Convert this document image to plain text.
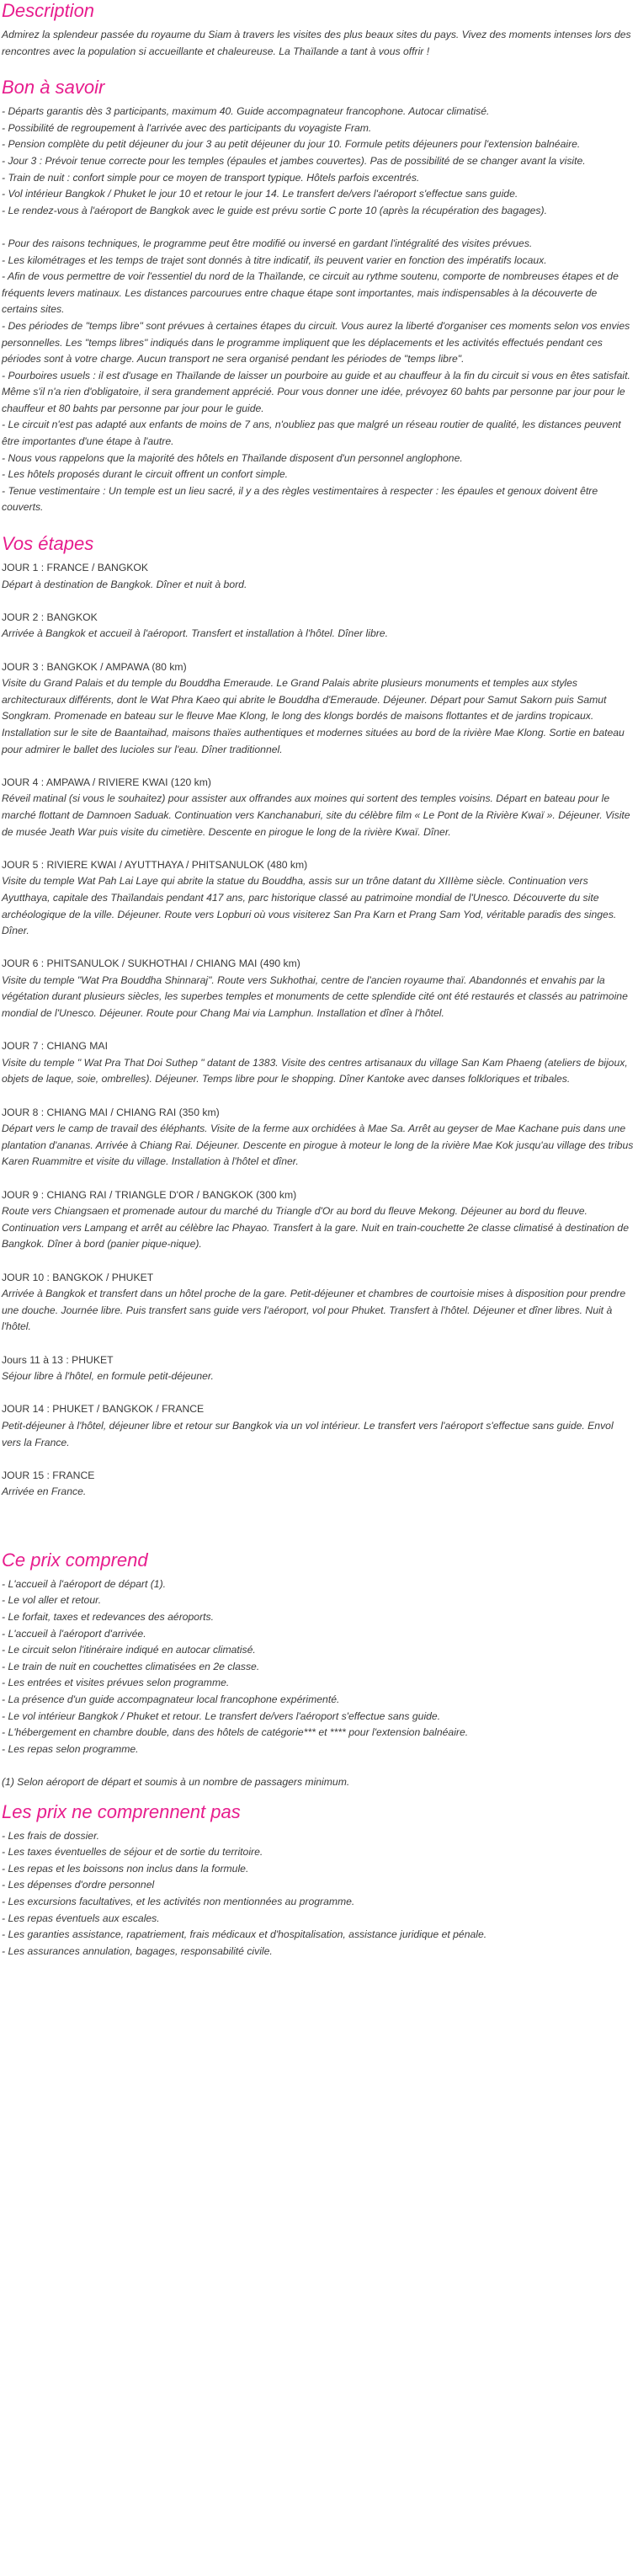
Description

Admirez la splendeur passée du royaume du Siam à travers les visites des plus beaux sites du pays. Vivez des moments intenses lors des rencontres avec la population si accueillante et chaleureuse. La Thaïlande a tant à vous offrir !

Bon à savoir

- Départs garantis dès 3 participants, maximum 40. Guide accompagnateur francophone. Autocar climatisé.

- Possibilité de regroupement à l'arrivée avec des participants du voyagiste Fram.

- Pension complète du petit déjeuner du jour 3 au petit déjeuner du jour 10. Formule petits déjeuners pour l'extension balnéaire.

- Jour 3 : Prévoir tenue correcte pour les temples (épaules et jambes couvertes). Pas de possibilité de se changer avant la visite.

- Train de nuit : confort simple pour ce moyen de transport typique. Hôtels parfois excentrés.

- Vol intérieur Bangkok / Phuket le jour 10 et retour le jour 14. Le transfert de/vers l'aéroport s'effectue sans guide.

- Le rendez-vous à l'aéroport de Bangkok avec le guide est prévu sortie C porte 10 (après la récupération des bagages).

- Pour des raisons techniques, le programme peut être modifié ou inversé en gardant l'intégralité des visites prévues.

- Les kilométrages et les temps de trajet sont donnés à titre indicatif, ils peuvent varier en fonction des impératifs locaux.

- Afin de vous permettre de voir l'essentiel du nord de la Thaïlande, ce circuit au rythme soutenu, comporte de nombreuses étapes et de fréquents levers matinaux. Les distances parcourues entre chaque étape sont importantes, mais indispensables à la découverte de certains sites.

- Des périodes de "temps libre" sont prévues à certaines étapes du circuit. Vous aurez la liberté d'organiser ces moments selon vos envies personnelles. Les "temps libres" indiqués dans le programme impliquent que les déplacements et les activités effectués pendant ces périodes sont à votre charge. Aucun transport ne sera organisé pendant les périodes de "temps libre".

- Pourboires usuels : il est d'usage en Thaïlande de laisser un pourboire au guide et au chauffeur à la fin du circuit si vous en êtes satisfait. Même s'il n'a rien d'obligatoire, il sera grandement apprécié. Pour vous donner une idée, prévoyez 60 bahts par personne par jour pour le chauffeur et 80 bahts par personne par jour pour le guide.

- Le circuit n'est pas adapté aux enfants de moins de 7 ans, n'oubliez pas que malgré un réseau routier de qualité, les distances peuvent être importantes d'une étape à l'autre.

- Nous vous rappelons que la majorité des hôtels en Thaïlande disposent d'un personnel anglophone.

- Les hôtels proposés durant le circuit offrent un confort simple.

- Tenue vestimentaire : Un temple est un lieu sacré, il y a des règles vestimentaires à respecter : les épaules et genoux doivent être couverts.

Vos étapes

JOUR 1 : FRANCE / BANGKOK

Départ à destination de Bangkok. Dîner et nuit à bord.

JOUR 2 : BANGKOK

Arrivée à Bangkok et accueil à l'aéroport. Transfert et installation à l'hôtel. Dîner libre.

JOUR 3 : BANGKOK / AMPAWA (80 km)

Visite du Grand Palais et du temple du Bouddha Emeraude. Le Grand Palais abrite plusieurs monuments et temples aux styles architecturaux différents, dont le Wat Phra Kaeo qui abrite le Bouddha d'Emeraude. Déjeuner. Départ pour Samut Sakorn puis Samut Songkram. Promenade en bateau sur le fleuve Mae Klong, le long des klongs bordés de maisons flottantes et de jardins tropicaux. Installation sur le site de Baantaihad, maisons thaïes authentiques et modernes situées au bord de la rivière Mae Klong. Sortie en bateau pour admirer le ballet des lucioles sur l'eau. Dîner traditionnel.

JOUR 4 : AMPAWA / RIVIERE KWAI (120 km)

Réveil matinal (si vous le souhaitez) pour assister aux offrandes aux moines qui sortent des temples voisins. Départ en bateau pour le marché flottant de Damnoen Saduak. Continuation vers Kanchanaburi, site du célèbre film « Le Pont de la Rivière Kwaï ». Déjeuner. Visite de musée Jeath War puis visite du cimetière. Descente en pirogue le long de la rivière Kwaï. Dîner.

JOUR 5 : RIVIERE KWAI / AYUTTHAYA / PHITSANULOK (480 km)

Visite du temple Wat Pah Lai Laye qui abrite la statue du Bouddha, assis sur un trône datant du XIIIème siècle. Continuation vers Ayutthaya, capitale des Thaïlandais pendant 417 ans, parc historique classé au patrimoine mondial de l'Unesco. Découverte du site archéologique de la ville. Déjeuner. Route vers Lopburi où vous visiterez San Pra Karn et Prang Sam Yod, véritable paradis des singes. Dîner.

JOUR 6 : PHITSANULOK / SUKHOTHAI / CHIANG MAI (490 km)

Visite du temple "Wat Pra Bouddha Shinnaraj". Route vers Sukhothai, centre de l'ancien royaume thaï. Abandonnés et envahis par la végétation durant plusieurs siècles, les superbes temples et monuments de cette splendide cité ont été restaurés et classés au patrimoine mondial de l'Unesco. Déjeuner. Route pour Chang Mai via Lamphun. Installation et dîner à l'hôtel.

JOUR 7 : CHIANG MAI

Visite du temple " Wat Pra That Doi Suthep " datant de 1383. Visite des centres artisanaux du village San Kam Phaeng (ateliers de bijoux, objets de laque, soie, ombrelles). Déjeuner. Temps libre pour le shopping. Dîner Kantoke avec danses folkloriques et tribales.

JOUR 8 : CHIANG MAI / CHIANG RAI (350 km)

Départ vers le camp de travail des éléphants. Visite de la ferme aux orchidées à Mae Sa. Arrêt au geyser de Mae Kachane puis dans une plantation d'ananas. Arrivée à Chiang Rai. Déjeuner. Descente en pirogue à moteur le long de la rivière Mae Kok jusqu'au village des tribus Karen Ruammitre et visite du village. Installation à l'hôtel et dîner.

JOUR 9 : CHIANG RAI / TRIANGLE D'OR / BANGKOK (300 km)

Route vers Chiangsaen et promenade autour du marché du Triangle d'Or au bord du fleuve Mekong. Déjeuner au bord du fleuve.

Continuation vers Lampang et arrêt au célèbre lac Phayao. Transfert à la gare. Nuit en train-couchette 2e classe climatisé à destination de Bangkok. Dîner à bord (panier pique-nique).

JOUR 10 : BANGKOK / PHUKET

Arrivée à Bangkok et transfert dans un hôtel proche de la gare. Petit-déjeuner et chambres de courtoisie mises à disposition pour prendre une douche. Journée libre. Puis transfert sans guide vers l'aéroport, vol pour Phuket. Transfert à l'hôtel. Déjeuner et dîner libres. Nuit à l'hôtel.

Jours 11 à 13 : PHUKET

Séjour libre à l'hôtel, en formule petit-déjeuner.

JOUR 14 : PHUKET / BANGKOK / FRANCE

Petit-déjeuner à l'hôtel, déjeuner libre et retour sur Bangkok via un vol intérieur. Le transfert vers l'aéroport s'effectue sans guide. Envol vers la France.

JOUR 15 : FRANCE

Arrivée en France.

Ce prix comprend

- L'accueil à l'aéroport de départ (1).

- Le vol aller et retour.

- Le forfait, taxes et redevances des aéroports.

- L'accueil à l'aéroport d'arrivée.

- Le circuit selon l'itinéraire indiqué en autocar climatisé.

- Le train de nuit en couchettes climatisées en 2e classe.

- Les entrées et visites prévues selon programme.

- La présence d'un guide accompagnateur local francophone expérimenté.

- Le vol intérieur Bangkok / Phuket et retour. Le transfert de/vers l'aéroport s'effectue sans guide.

- L'hébergement en chambre double, dans des hôtels de catégorie*** et **** pour l'extension balnéaire.

- Les repas selon programme.

(1) Selon aéroport de départ et soumis à un nombre de passagers minimum.

Les prix ne comprennent pas

- Les frais de dossier.

- Les taxes éventuelles de séjour et de sortie du territoire.

- Les repas et les boissons non inclus dans la formule.

- Les dépenses d'ordre personnel

- Les excursions facultatives, et les activités non mentionnées au programme.

- Les repas éventuels aux escales.

- Les garanties assistance, rapatriement, frais médicaux et d'hospitalisation, assistance juridique et pénale.

- Les assurances annulation, bagages, responsabilité civile.
